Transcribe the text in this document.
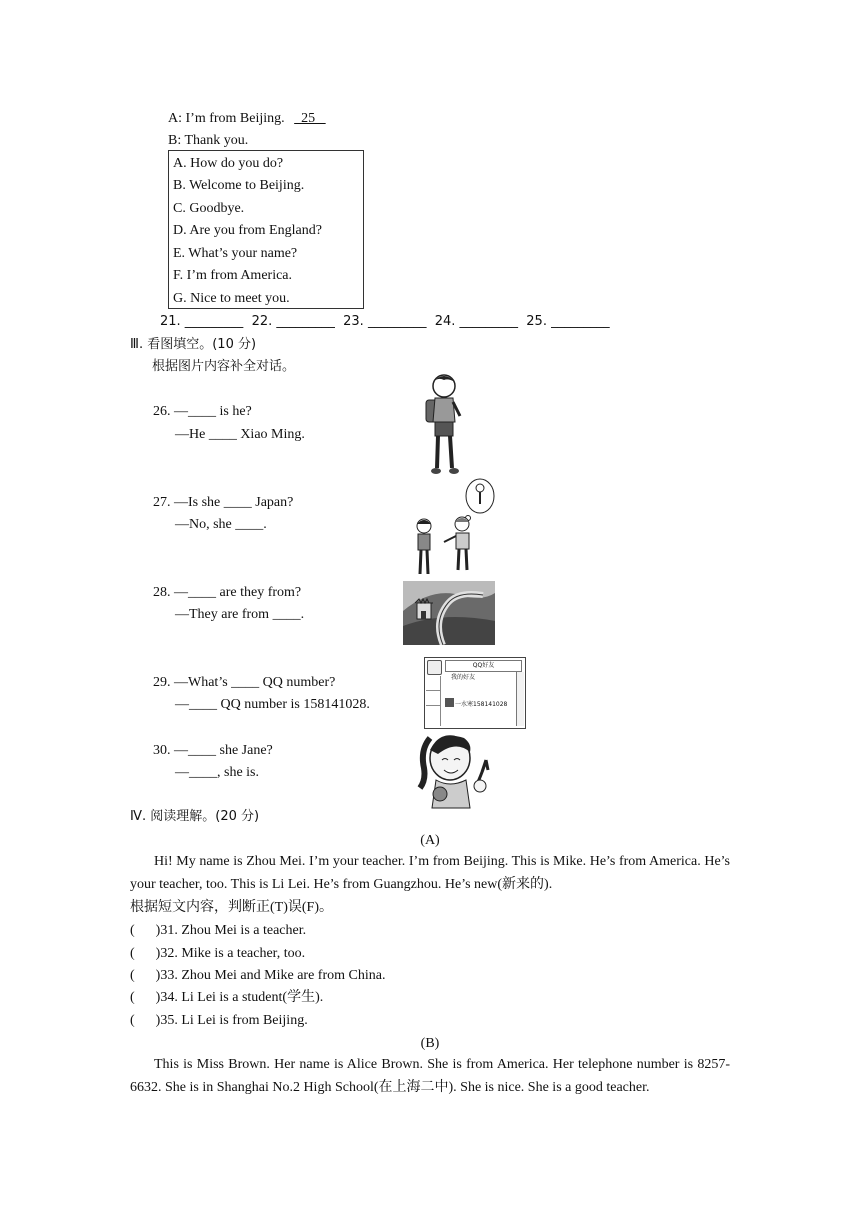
A: I’m from Beijing.   25
B: Thank you.
A. How do you do?
B. Welcome to Beijing.
C. Goodbye.
D. Are you from England?
E. What’s your name?
F. I’m from America.
G. Nice to meet you.
21. _________  22. _________  23. _________  24. _________  25. _________
Ⅲ. 看图填空。(10 分)
根据图片内容补全对话。
26. —____ is he?
—He ____ Xiao Ming.
27. —Is she ____ Japan?
—No, she ____.
28. —____ are they from?
—They are from ____.
29. —What’s ____ QQ number?
—____ QQ number is 158141028.
30. —____ she Jane?
—____, she is.
QQ好友
我的好友
一水寒158141028
Ⅳ. 阅读理解。(20 分)
(A)
Hi! My name is Zhou Mei. I’m your teacher. I’m from Beijing. This is Mike. He’s from America. He’s your teacher, too. This is Li Lei. He’s from Guangzhou. He’s new(新来的).
根据短文内容，判断正(T)误(F)。
(      )31. Zhou Mei is a teacher.
(      )32. Mike is a teacher, too.
(      )33. Zhou Mei and Mike are from China.
(      )34. Li Lei is a student(学生).
(      )35. Li Lei is from Beijing.
(B)
This is Miss Brown. Her name is Alice Brown. She is from America. Her telephone number is 8257-6632. She is in Shanghai No.2 High School(在上海二中). She is nice. She is a good teacher.
